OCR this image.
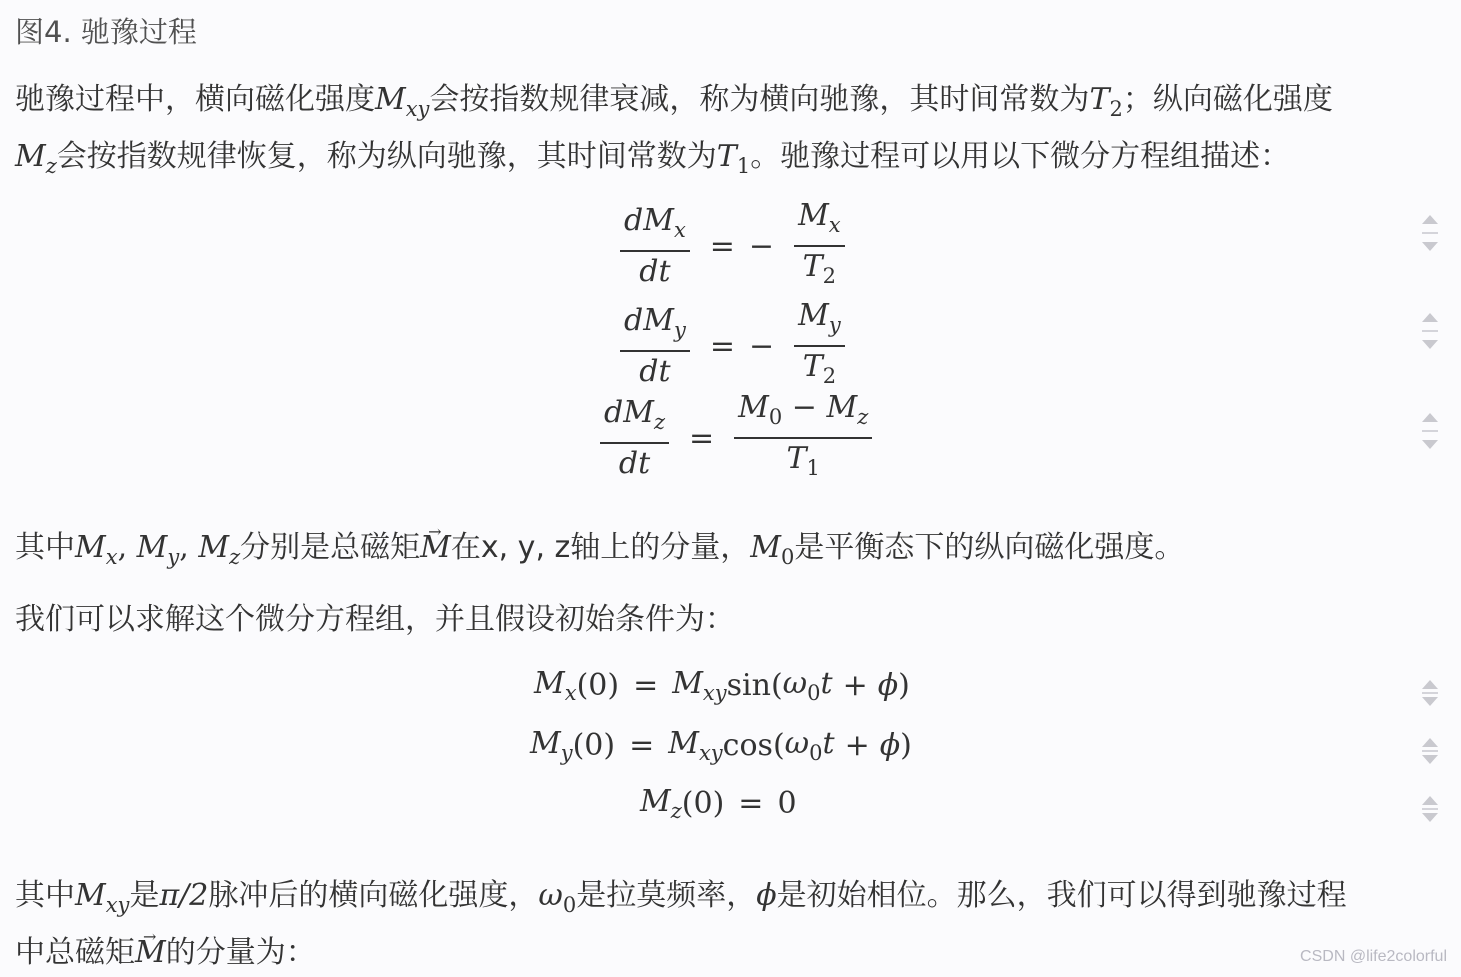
图4. 驰豫过程
驰豫过程中，横向磁化强度$M_{xy}$会按指数规律衰减，称为横向驰豫，其时间常数为$T_2$；纵向磁化强度
$M_z$会按指数规律恢复，称为纵向驰豫，其时间常数为$T_1$。驰豫过程可以用以下微分方程组描述：
$\frac{dM_x}{dt}$ = − $\frac{M_x}{T_2}$
$\frac{dM_y}{dt}$ = − $\frac{M_y}{T_2}$
$\frac{dM_z}{dt} = \frac{M_0 - M_z}{T_1}$
其中$M_x$, $M_y$, $M_z$分别是总磁矩→ M在x, y, z轴上的分量，$M_0$是平衡态下的纵向磁化强度。
我们可以求解这个微分方程组，并且假设初始条件为：
$M_x$ $(0) = M_{xy}$ sin ( $\omega_0t + \phi$ )
$M_y$ $(0) = M_{xy}$ cos ( $\omega_0t + \phi$ )
$M_z$ (0) = 0
其中$M_{xy}$是π/2脉冲后的横向磁化强度，$\omega_0$是拉莫频率，ϕ是初始相位。那么，我们可以得到驰豫过程
中总磁矩→ M的分量为：	CSDN @life2colorful
